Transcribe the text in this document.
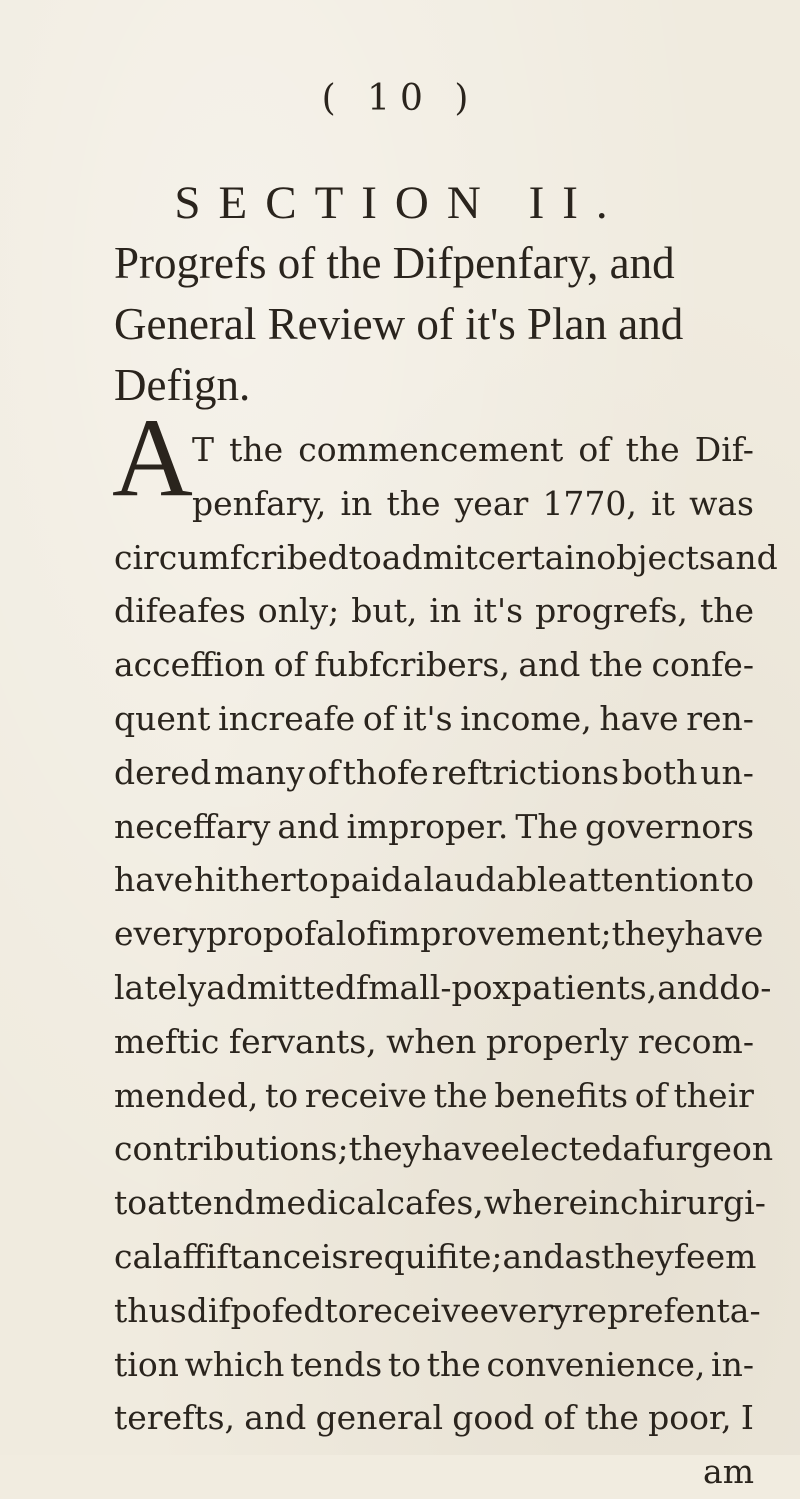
( 10 )
SECTION II.
Progrefs of the Difpenfary, and
General Review of it's Plan and
Defign.
A T the commencement of the Dif-
penfary, in the year 1770, it was
circumfcribed to admit certain objects and
difeafes only; but, in it's progrefs, the
acceffion of fubfcribers, and the confe-
quent increafe of it's income, have ren-
dered many of thofe reftrictions both un-
neceffary and improper. The governors
have hitherto paid a laudable attention to
every propofal of improvement; they have
lately admitted fmall-pox patients, and do-
meftic fervants, when properly recom-
mended, to receive the benefits of their
contributions; they have elected a furgeon
to attend medical cafes, wherein chirurgi-
cal affiftance is requifite; and as they feem
thus difpofed to receive every reprefenta-
tion which tends to the convenience, in-
terefts, and general good of the poor, I
am
